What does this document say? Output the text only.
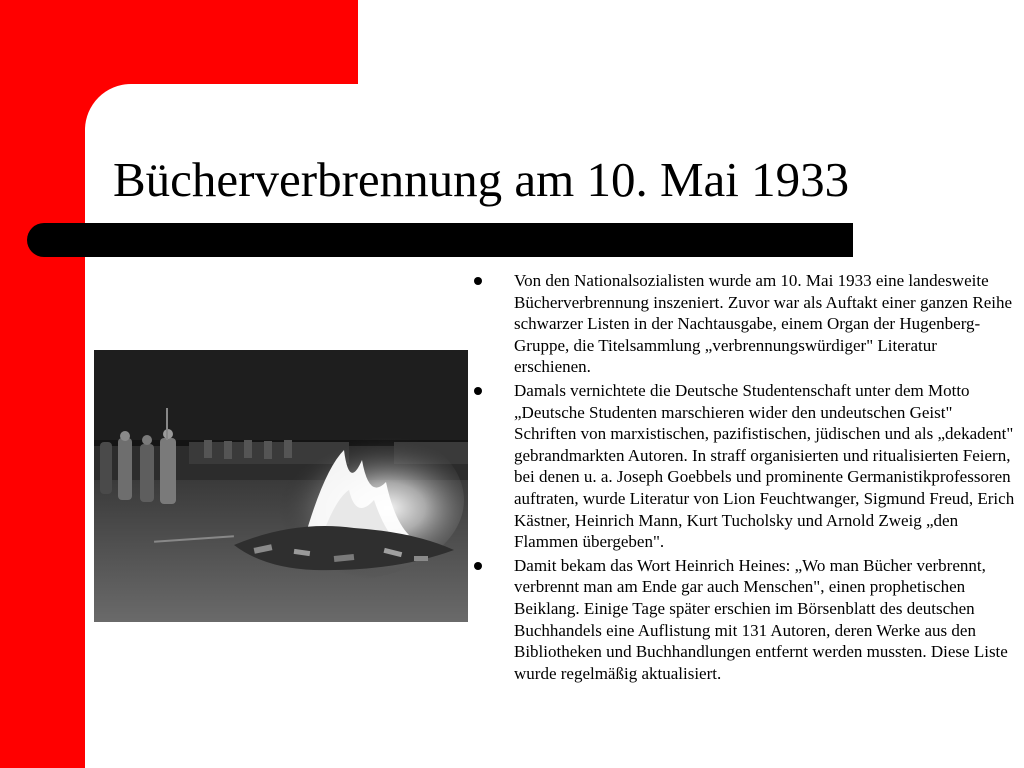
Bücherverbrennung am 10. Mai 1933
Von den Nationalsozialisten wurde am 10. Mai 1933 eine landesweite Bücherverbrennung inszeniert. Zuvor war als Auftakt einer ganzen Reihe schwarzer Listen in der Nachtausgabe, einem Organ der Hugenberg-Gruppe, die Titelsammlung „verbrennungswürdiger" Literatur erschienen.
Damals vernichtete die Deutsche Studentenschaft unter dem Motto „Deutsche Studenten marschieren wider den undeutschen Geist" Schriften von marxistischen, pazifistischen, jüdischen und als „dekadent" gebrandmarkten Autoren. In straff organisierten und ritualisierten Feiern, bei denen u. a. Joseph Goebbels und prominente Germanistikprofessoren auftraten, wurde Literatur von Lion Feuchtwanger, Sigmund Freud, Erich Kästner, Heinrich Mann, Kurt Tucholsky und Arnold Zweig „den Flammen übergeben".
Damit bekam das Wort Heinrich Heines: „Wo man Bücher verbrennt, verbrennt man am Ende gar auch Menschen", einen prophetischen Beiklang. Einige Tage später erschien im Börsenblatt des deutschen Buchhandels eine Auflistung mit 131 Autoren, deren Werke aus den Bibliotheken und Buchhandlungen entfernt werden mussten. Diese Liste wurde regelmäßig aktualisiert.
